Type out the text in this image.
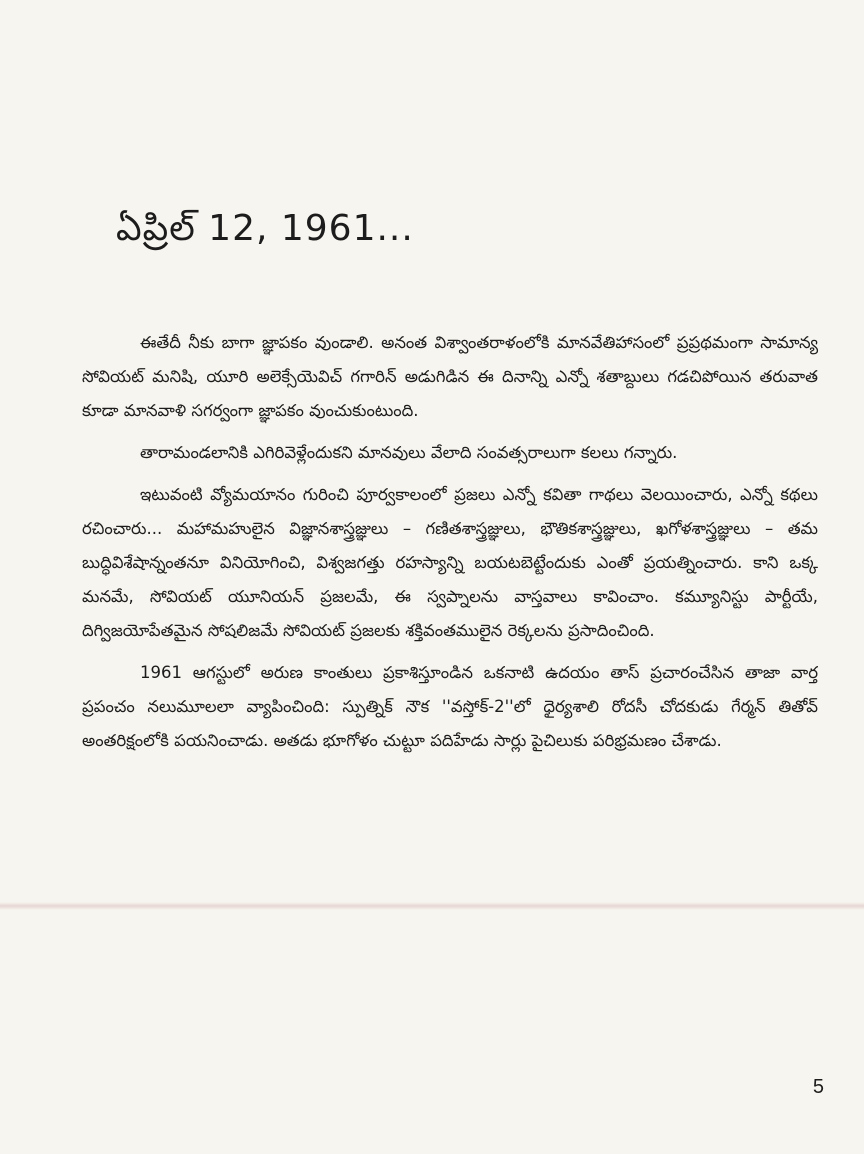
ఏప్రిల్ 12, 1961...

ఈతేదీ నీకు బాగా జ్ఞాపకం వుండాలి. అనంత విశ్వాంతరాళంలోకి మానవేతిహాసంలో ప్రప్రథమంగా సామాన్య సోవియట్ మనిషి, యూరి అలెక్సేయెవిచ్ గగారిన్ అడుగిడిన ఈ దినాన్ని ఎన్నో శతాబ్దులు గడచిపోయిన తరువాత కూడా మానవాళి సగర్వంగా జ్ఞాపకం వుంచుకుంటుంది.

తారామండలానికి ఎగిరివెళ్లేందుకని మానవులు వేలాది సంవత్సరాలుగా కలలు గన్నారు.

ఇటువంటి వ్యోమయానం గురించి పూర్వకాలంలో ప్రజలు ఎన్నో కవితా గాథలు వెలయించారు, ఎన్నో కథలు రచించారు... మహామహులైన విజ్ఞానశాస్త్రజ్ఞులు – గణితశాస్త్రజ్ఞులు, భౌతికశాస్త్రజ్ఞులు, ఖగోళశాస్త్రజ్ఞులు – తమ బుద్ధివిశేషాన్నంతనూ వినియోగించి, విశ్వజగత్తు రహస్యాన్ని బయటబెట్టేందుకు ఎంతో ప్రయత్నించారు. కాని ఒక్క మనమే, సోవియట్ యూనియన్ ప్రజలమే, ఈ స్వప్నాలను వాస్తవాలు కావించాం. కమ్యూనిస్టు పార్టీయే, దిగ్విజయోపేతమైన సోషలిజమే సోవియట్ ప్రజలకు శక్తివంతములైన రెక్కలను ప్రసాదించింది.

1961 ఆగస్టులో అరుణ కాంతులు ప్రకాశిస్తూండిన ఒకనాటి ఉదయం తాస్ ప్రచారంచేసిన తాజా వార్త ప్రపంచం నలుమూలలా వ్యాపించింది: స్పుత్నిక్ నౌక ''వస్తోక్-2''లో ధైర్యశాలి రోదసీ చోదకుడు గేర్మన్ తితోవ్ అంతరిక్షంలోకి పయనించాడు. అతడు భూగోళం చుట్టూ పదిహేడు సార్లు పైచిలుకు పరిభ్రమణం చేశాడు.

5
